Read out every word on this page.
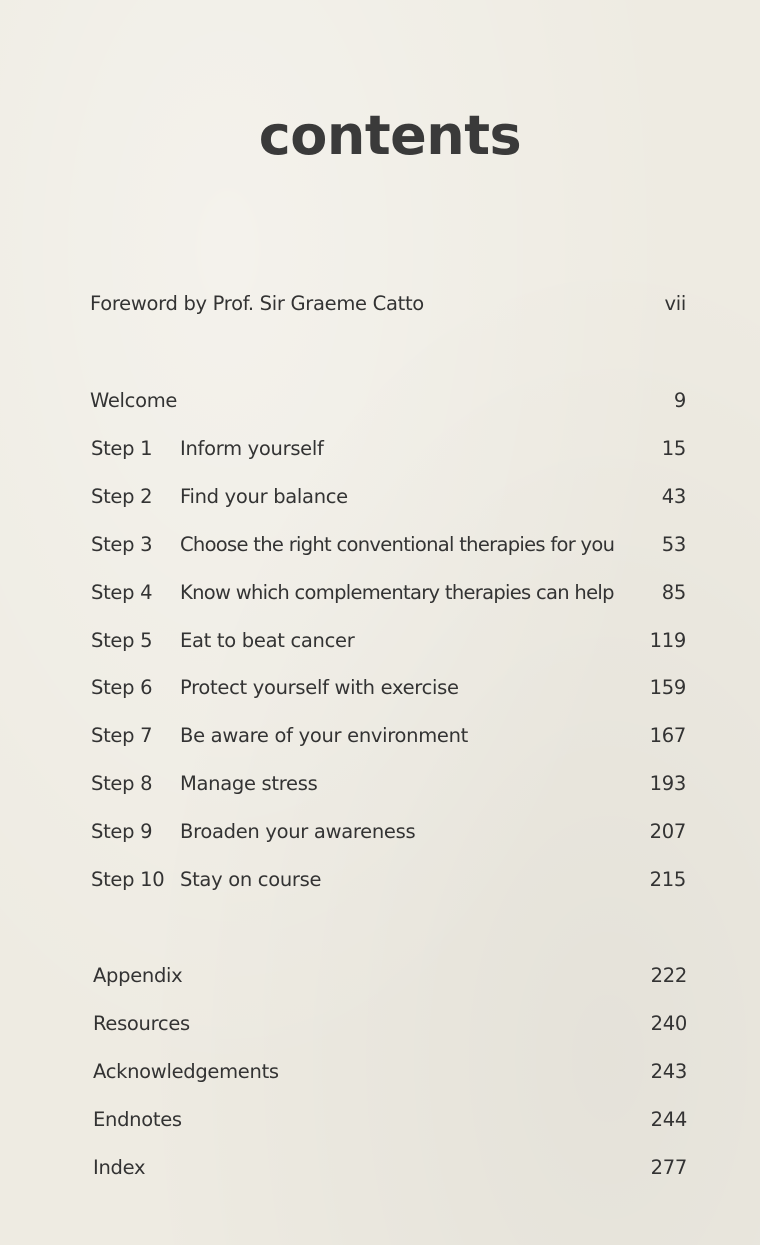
contents
Foreword by Prof. Sir Graeme Catto	vii
Welcome	9
Step 1 Inform yourself	15
Step 2 Find your balance	43
Step 3 Choose the right conventional therapies for you 53
Step 4 Know which complementary therapies can help 85
Step 5 Eat to beat cancer	119
Step 6 Protect yourself with exercise	159
Step 7 Be aware of your environment	167
Step 8 Manage stress	193
Step 9 Broaden your awareness	207
Step 10 Stay on course	215
Appendix	222
Resources	240
Acknowledgements	243
Endnotes	244
Index	277
